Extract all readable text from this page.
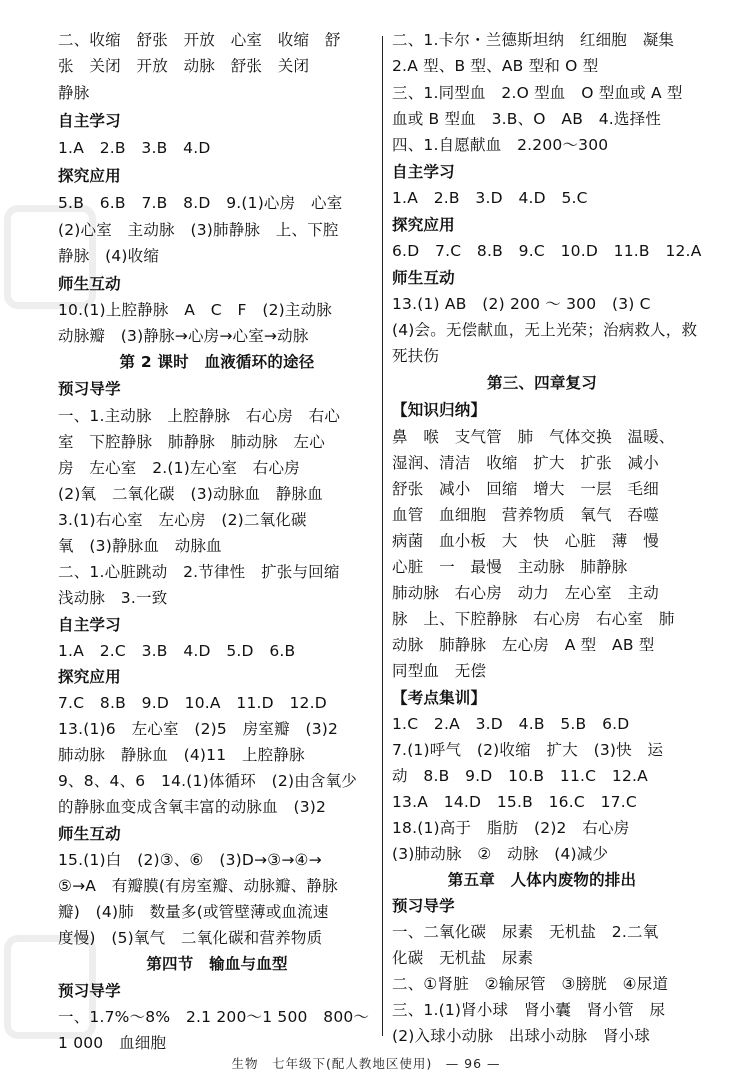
二、收缩　舒张　开放　心室　收缩　舒
张　关闭　开放　动脉　舒张　关闭
静脉
自主学习
1.A　2.B　3.B　4.D
探究应用
5.B　6.B　7.B　8.D　9.(1)心房　心室
(2)心室　主动脉　(3)肺静脉　上、下腔
静脉　(4)收缩
师生互动
10.(1)上腔静脉　A　C　F　(2)主动脉
动脉瓣　(3)静脉→心房→心室→动脉
第 2 课时　血液循环的途径
预习导学
一、1.主动脉　上腔静脉　右心房　右心
室　下腔静脉　肺静脉　肺动脉　左心
房　左心室　2.(1)左心室　右心房
(2)氧　二氧化碳　(3)动脉血　静脉血
3.(1)右心室　左心房　(2)二氧化碳
氧　(3)静脉血　动脉血
二、1.心脏跳动　2.节律性　扩张与回缩
浅动脉　3.一致
自主学习
1.A　2.C　3.B　4.D　5.D　6.B
探究应用
7.C　8.B　9.D　10.A　11.D　12.D
13.(1)6　左心室　(2)5　房室瓣　(3)2
肺动脉　静脉血　(4)11　上腔静脉
9、8、4、6　14.(1)体循环　(2)由含氧少
的静脉血变成含氧丰富的动脉血　(3)2
师生互动
15.(1)白　(2)③、⑥　(3)D→③→④→
⑤→A　有瓣膜(有房室瓣、动脉瓣、静脉
瓣)　(4)肺　数量多(或管壁薄或血流速
度慢)　(5)氧气　二氧化碳和营养物质
第四节　输血与血型
预习导学
一、1.7%～8%　2.1 200～1 500　800～
1 000　血细胞
二、1.卡尔・兰德斯坦纳　红细胞　凝集
2.A 型、B 型、AB 型和 O 型
三、1.同型血　2.O 型血　O 型血或 A 型
血或 B 型血　3.B、O　AB　4.选择性
四、1.自愿献血　2.200～300
自主学习
1.A　2.B　3.D　4.D　5.C
探究应用
6.D　7.C　8.B　9.C　10.D　11.B　12.A
师生互动
13.(1) AB　(2) 200 ～ 300　(3) C
(4)会。无偿献血，无上光荣；治病救人，救
死扶伤
第三、四章复习
【知识归纳】
鼻　喉　支气管　肺　气体交换　温暖、
湿润、清洁　收缩　扩大　扩张　减小
舒张　减小　回缩　增大　一层　毛细
血管　血细胞　营养物质　氧气　吞噬
病菌　血小板　大　快　心脏　薄　慢
心脏　一　最慢　主动脉　肺静脉
肺动脉　右心房　动力　左心室　主动
脉　上、下腔静脉　右心房　右心室　肺
动脉　肺静脉　左心房　A 型　AB 型
同型血　无偿
【考点集训】
1.C　2.A　3.D　4.B　5.B　6.D
7.(1)呼气　(2)收缩　扩大　(3)快　运
动　8.B　9.D　10.B　11.C　12.A
13.A　14.D　15.B　16.C　17.C
18.(1)高于　脂肪　(2)2　右心房
(3)肺动脉　②　动脉　(4)减少
第五章　人体内废物的排出
预习导学
一、二氧化碳　尿素　无机盐　2.二氧
化碳　无机盐　尿素
二、①肾脏　②输尿管　③膀胱　④尿道
三、1.(1)肾小球　肾小囊　肾小管　尿
(2)入球小动脉　出球小动脉　肾小球
生物　七年级下(配人教地区使用)　— 96 —
